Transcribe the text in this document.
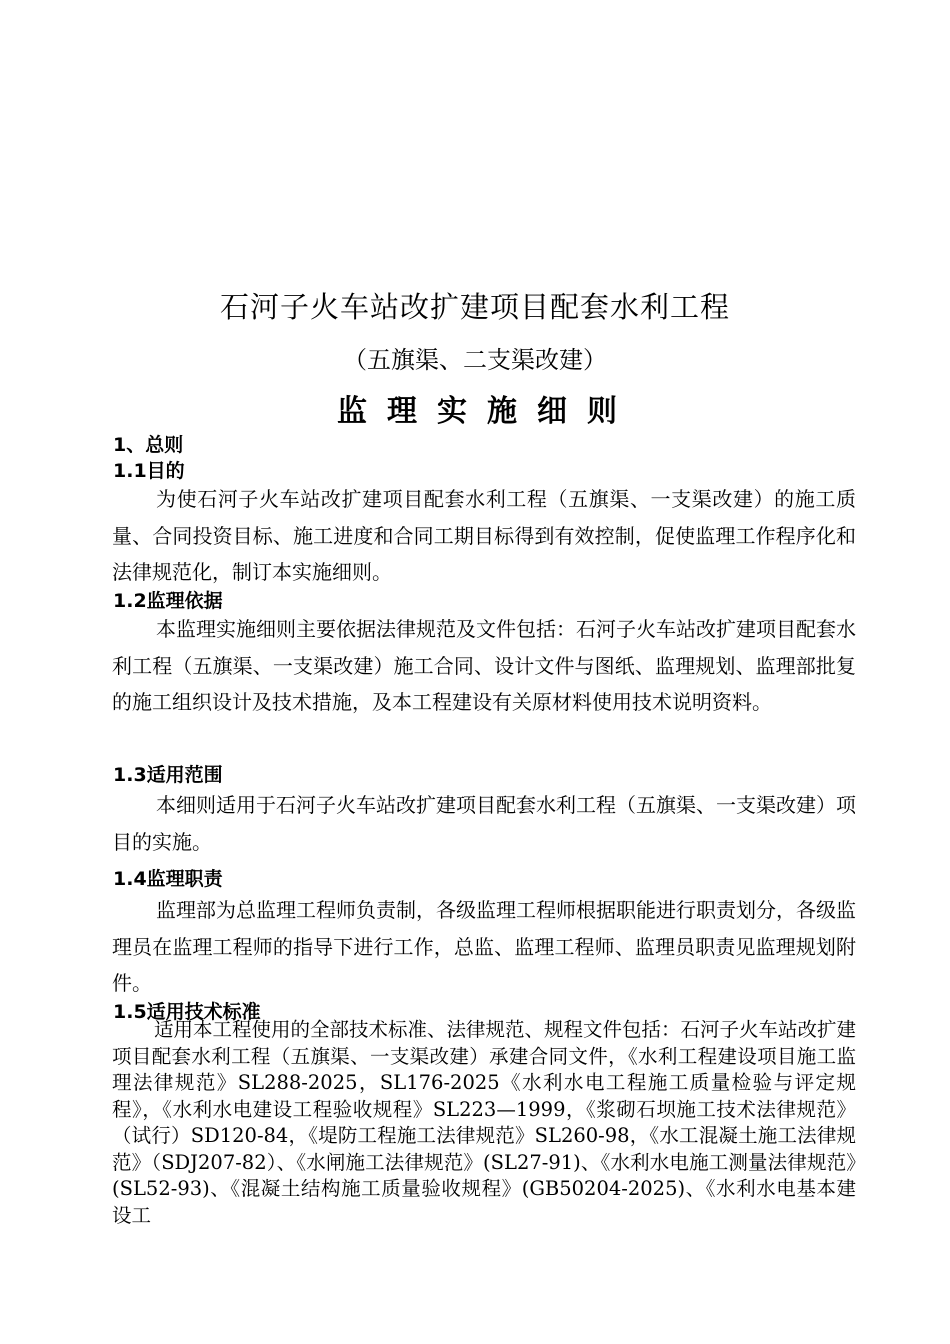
石河子火车站改扩建项目配套水利工程
（五旗渠、二支渠改建）
监理实施细则
1、总则
1.1目的

为使石河子火车站改扩建项目配套水利工程（五旗渠、一支渠改建）的施工质量、合同投资目标、施工进度和合同工期目标得到有效控制，促使监理工作程序化和法律规范化，制订本实施细则。

1.2监理依据

本监理实施细则主要依据法律规范及文件包括：石河子火车站改扩建项目配套水利工程（五旗渠、一支渠改建）施工合同、设计文件与图纸、监理规划、监理部批复的施工组织设计及技术措施，及本工程建设有关原材料使用技术说明资料。

1.3适用范围

本细则适用于石河子火车站改扩建项目配套水利工程（五旗渠、一支渠改建）项目的实施。

1.4监理职责

监理部为总监理工程师负责制，各级监理工程师根据职能进行职责划分，各级监理员在监理工程师的指导下进行工作，总监、监理工程师、监理员职责见监理规划附件。

1.5适用技术标准

适用本工程使用的全部技术标准、法律规范、规程文件包括：石河子火车站改扩建项目配套水利工程（五旗渠、一支渠改建）承建合同文件，《水利工程建设项目施工监理法律规范》SL288-2025，SL176-2025《水利水电工程施工质量检验与评定规程》，《水利水电建设工程验收规程》SL223—1999，《浆砌石坝施工技术法律规范》（试行）SD120-84，《堤防工程施工法律规范》SL260-98，《水工混凝土施工法律规范》（SDJ207-82）、《水闸施工法律规范》(SL27-91)、《水利水电施工测量法律规范》(SL52-93)、《混凝土结构施工质量验收规程》(GB50204-2025)、《水利水电基本建设工
